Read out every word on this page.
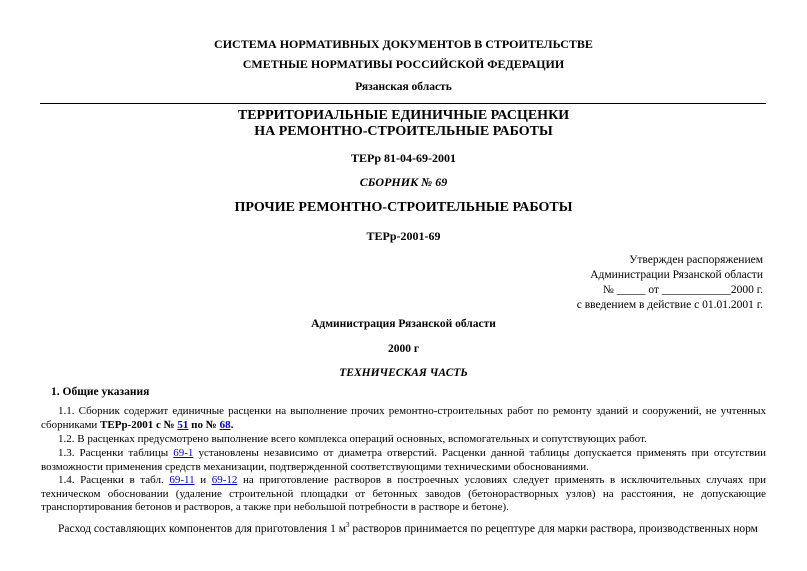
СИСТЕМА НОРМАТИВНЫХ ДОКУМЕНТОВ В СТРОИТЕЛЬСТВЕ
СМЕТНЫЕ НОРМАТИВЫ РОССИЙСКОЙ ФЕДЕРАЦИИ
Рязанская область
ТЕРРИТОРИАЛЬНЫЕ ЕДИНИЧНЫЕ РАСЦЕНКИ
НА РЕМОНТНО-СТРОИТЕЛЬНЫЕ РАБОТЫ
ТЕРр 81-04-69-2001
СБОРНИК № 69
ПРОЧИЕ РЕМОНТНО-СТРОИТЕЛЬНЫЕ РАБОТЫ
ТЕРр-2001-69
Утвержден распоряжением
Администрации Рязанской области
№ _____ от ____________2000 г.
с введением в действие с 01.01.2001 г.
Администрация Рязанской области
2000 г
ТЕХНИЧЕСКАЯ ЧАСТЬ
1. Общие указания
1.1. Сборник содержит единичные расценки на выполнение прочих ремонтно-строительных работ по ремонту зданий и сооружений, не учтенных сборниками ТЕРр-2001 с № 51 по № 68.
1.2. В расценках предусмотрено выполнение всего комплекса операций основных, вспомогательных и сопутствующих работ.
1.3. Расценки таблицы 69-1 установлены независимо от диаметра отверстий. Расценки данной таблицы допускается применять при отсутствии возможности применения средств механизации, подтвержденной соответствующими техническими обоснованиями.
1.4. Расценки в табл. 69-11 и 69-12 на приготовление растворов в построечных условиях следует применять в исключительных случаях при техническом обосновании (удаление строительной площадки от бетонных заводов (бетонорастворных узлов) на расстояния, не допускающие транспортирования бетонов и растворов, а также при небольшой потребности в растворе и бетоне).
Расход составляющих компонентов для приготовления 1 $м^3$ растворов принимается по рецептуре для марки раствора, производственных норм
